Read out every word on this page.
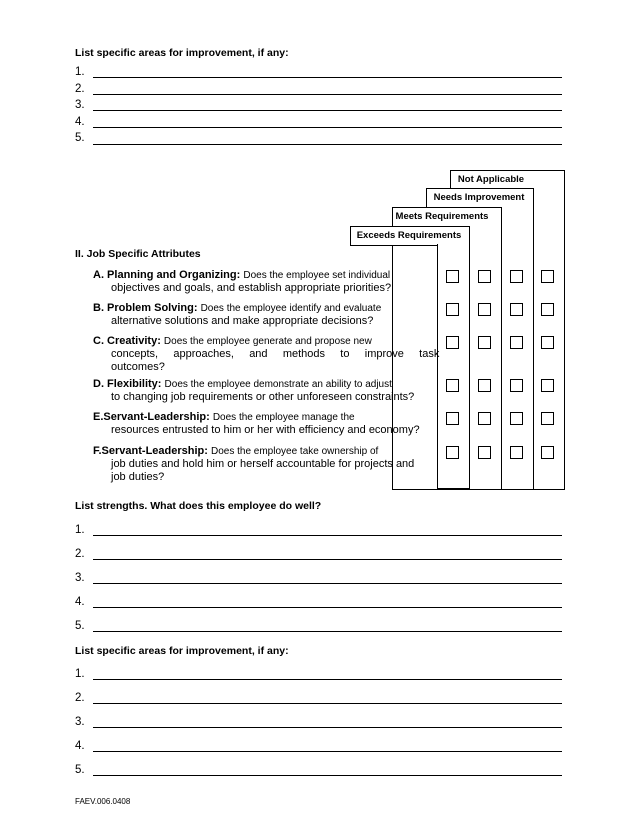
List specific areas for improvement, if any:
1.
2.
3.
4.
5.
Not Applicable
Needs Improvement
Meets Requirements
Exceeds Requirements
II. Job Specific Attributes
A. Planning and Organizing: Does the employee set individual
objectives and goals, and establish appropriate priorities?
B. Problem Solving: Does the employee identify and evaluate
alternative solutions and make appropriate decisions?
C. Creativity: Does the employee generate and propose new
concepts,     approaches,     and     methods     to     improve     task
outcomes?
D. Flexibility: Does the employee demonstrate an ability to adjust
to changing job requirements or other unforeseen constraints?
E.Servant-Leadership: Does the employee manage the
resources entrusted to him or her with efficiency and economy?
F.Servant-Leadership: Does the employee take ownership of
job duties and hold him or herself accountable for projects and
job duties?
List strengths. What does this employee do well?
1.
2.
3.
4.
5.
List specific areas for improvement, if any:
1.
2.
3.
4.
5.
FAEV.006.0408
